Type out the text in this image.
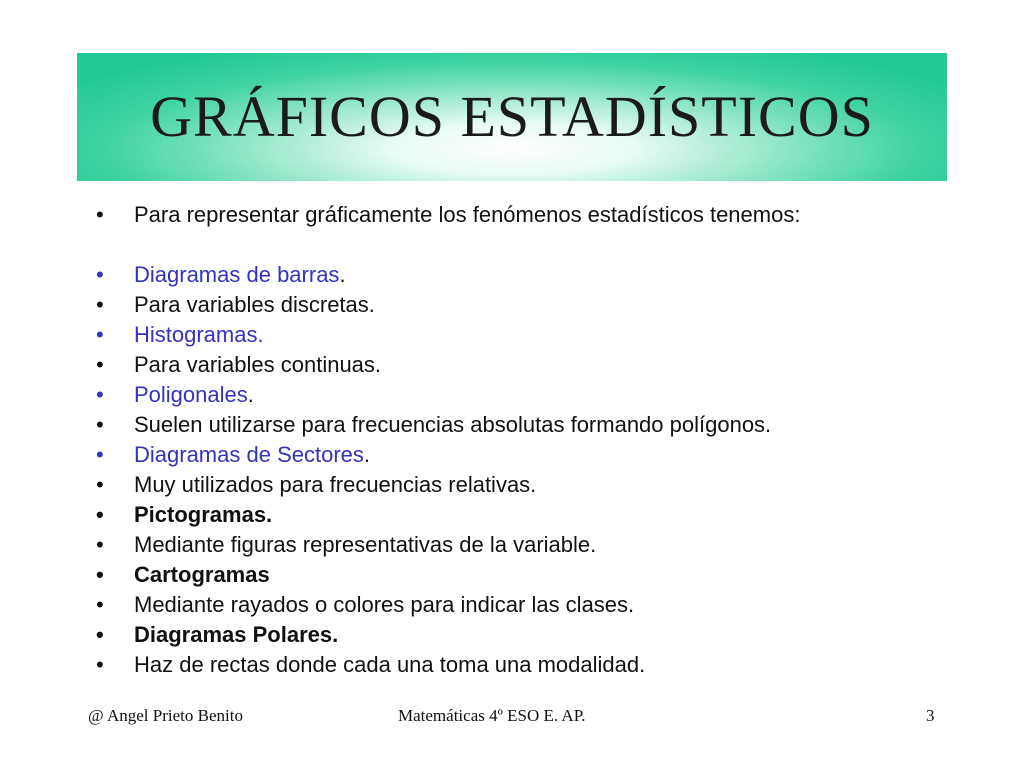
GRÁFICOS ESTADÍSTICOS
•	Para representar gráficamente los fenómenos estadísticos tenemos:
•	Diagramas de barras.
•	Para variables discretas.
•	Histogramas.
•	Para variables continuas.
•	Poligonales.
•	Suelen utilizarse para frecuencias absolutas formando polígonos.
•	Diagramas de Sectores.
•	Muy utilizados para frecuencias relativas.
•	Pictogramas.
•	Mediante figuras representativas de la variable.
•	Cartogramas
•	Mediante rayados o colores para indicar las clases.
•	Diagramas Polares.
•	Haz de rectas donde cada una toma una modalidad.
@ Angel Prieto Benito	Matemáticas 4º ESO E. AP.	3
